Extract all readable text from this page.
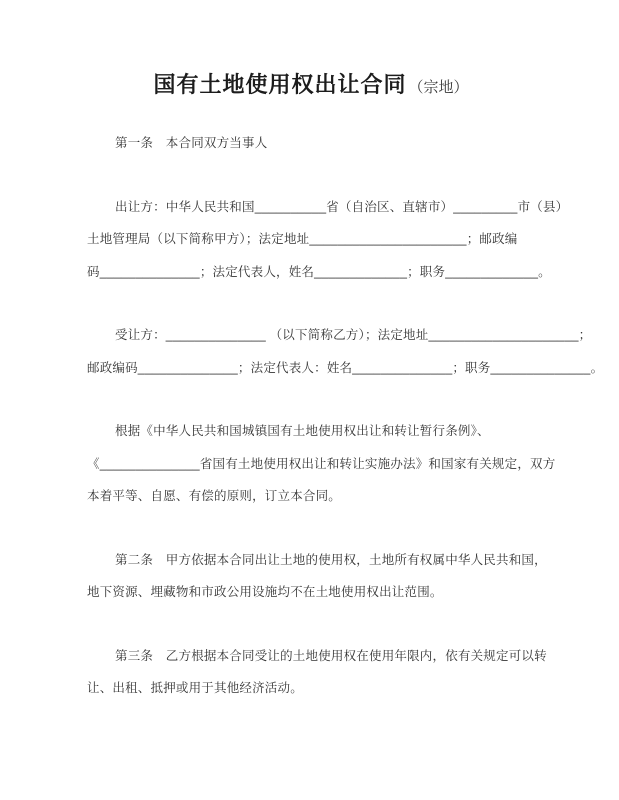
国有土地使用权出让合同 （宗地）
第一条　本合同双方当事人
出让方：中华人民共和国__________省（自治区、直辖市）_________市（县）
土地管理局（以下简称甲方）；法定地址______________________；邮政编
码______________；法定代表人，姓名_____________；职务_____________。
受让方：______________ （以下简称乙方）；法定地址_____________________；
邮政编码______________；法定代表人：姓名______________；职务______________。
根据《中华人民共和国城镇国有土地使用权出让和转让暂行条例》、
《______________省国有土地使用权出让和转让实施办法》和国家有关规定，双方
本着平等、自愿、有偿的原则，订立本合同。
第二条　甲方依据本合同出让土地的使用权，土地所有权属中华人民共和国，
地下资源、埋藏物和市政公用设施均不在土地使用权出让范围。
第三条　乙方根据本合同受让的土地使用权在使用年限内，依有关规定可以转
让、出租、抵押或用于其他经济活动。
